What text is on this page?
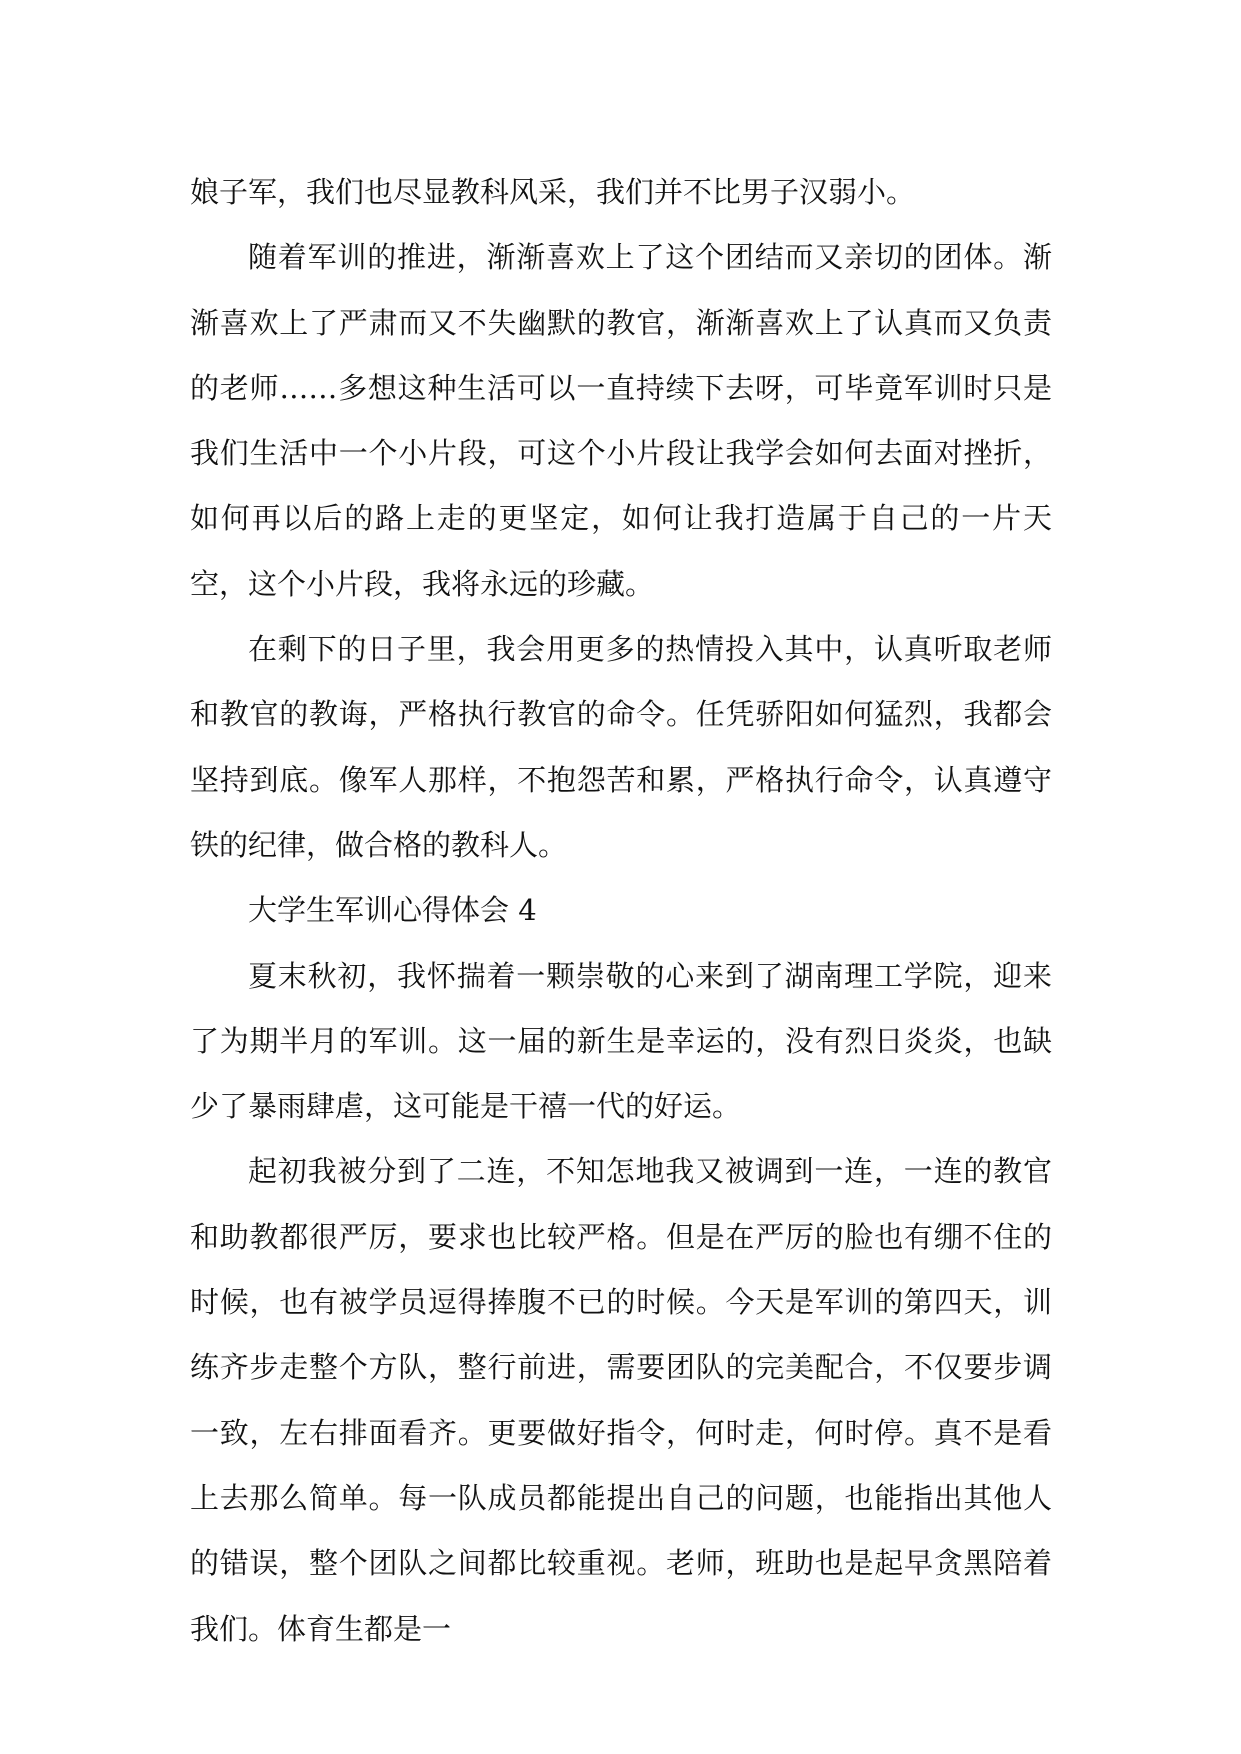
娘子军，我们也尽显教科风采，我们并不比男子汉弱小。

随着军训的推进，渐渐喜欢上了这个团结而又亲切的团体。渐渐喜欢上了严肃而又不失幽默的教官，渐渐喜欢上了认真而又负责的老师……多想这种生活可以一直持续下去呀，可毕竟军训时只是我们生活中一个小片段，可这个小片段让我学会如何去面对挫折，如何再以后的路上走的更坚定，如何让我打造属于自己的一片天空，这个小片段，我将永远的珍藏。

在剩下的日子里，我会用更多的热情投入其中，认真听取老师和教官的教诲，严格执行教官的命令。任凭骄阳如何猛烈，我都会坚持到底。像军人那样，不抱怨苦和累，严格执行命令，认真遵守铁的纪律，做合格的教科人。

大学生军训心得体会 4

夏末秋初，我怀揣着一颗崇敬的心来到了湖南理工学院，迎来了为期半月的军训。这一届的新生是幸运的，没有烈日炎炎，也缺少了暴雨肆虐，这可能是干禧一代的好运。

起初我被分到了二连，不知怎地我又被调到一连，一连的教官和助教都很严厉，要求也比较严格。但是在严厉的脸也有绷不住的时候，也有被学员逗得捧腹不已的时候。今天是军训的第四天，训练齐步走整个方队，整行前进，需要团队的完美配合，不仅要步调一致，左右排面看齐。更要做好指令，何时走，何时停。真不是看上去那么简单。每一队成员都能提出自己的问题，也能指出其他人的错误，整个团队之间都比较重视。老师，班助也是起早贪黑陪着我们。体育生都是一
